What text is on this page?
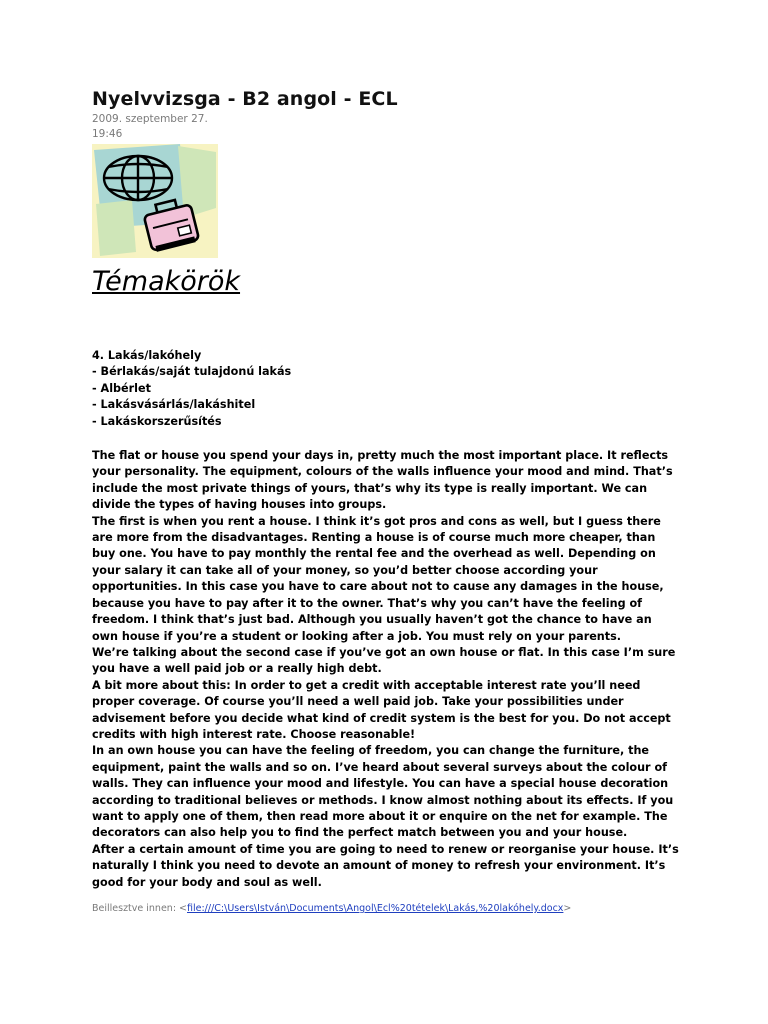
Nyelvvizsga - B2 angol - ECL
2009. szeptember 27.
19:46
Témakörök
4. Lakás/lakóhely
- Bérlakás/saját tulajdonú lakás
- Albérlet
- Lakásvásárlás/lakáshitel
- Lakáskorszerűsítés

The flat or house you spend your days in, pretty much the most important place. It reflects your personality. The equipment, colours of the walls influence your mood and mind. That’s include the most private things of yours, that’s why its type is really important. We can divide the types of having houses into groups.

The first is when you rent a house. I think it’s got pros and cons as well, but I guess there are more from the disadvantages. Renting a house is of course much more cheaper, than buy one. You have to pay monthly the rental fee and the overhead as well. Depending on your salary it can take all of your money, so you’d better choose according your opportunities. In this case you have to care about not to cause any damages in the house, because you have to pay after it to the owner. That’s why you can’t have the feeling of freedom. I think that’s just bad. Although you usually haven’t got the chance to have an own house if you’re a student or looking after a job. You must rely on your parents.

We’re talking about the second case if you’ve got an own house or flat. In this case I’m sure you have a well paid job or a really high debt.

A bit more about this: In order to get a credit with acceptable interest rate you’ll need proper coverage. Of course you’ll need a well paid job. Take your possibilities under advisement before you decide what kind of credit system is the best for you. Do not accept credits with high interest rate. Choose reasonable!

In an own house you can have the feeling of freedom, you can change the furniture, the equipment, paint the walls and so on. I’ve heard about several surveys about the colour of walls. They can influence your mood and lifestyle. You can have a special house decoration according to traditional believes or methods. I know almost nothing about its effects. If you want to apply one of them, then read more about it or enquire on the net for example. The decorators can also help you to find the perfect match between you and your house.

After a certain amount of time you are going to need to renew or reorganise your house. It’s naturally I think you need to devote an amount of money to refresh your environment. It’s good for your body and soul as well.

Beillesztve innen: <file:///C:\Users\István\Documents\Angol\Ecl%20tételek\Lakás,%20lakóhely.docx>
